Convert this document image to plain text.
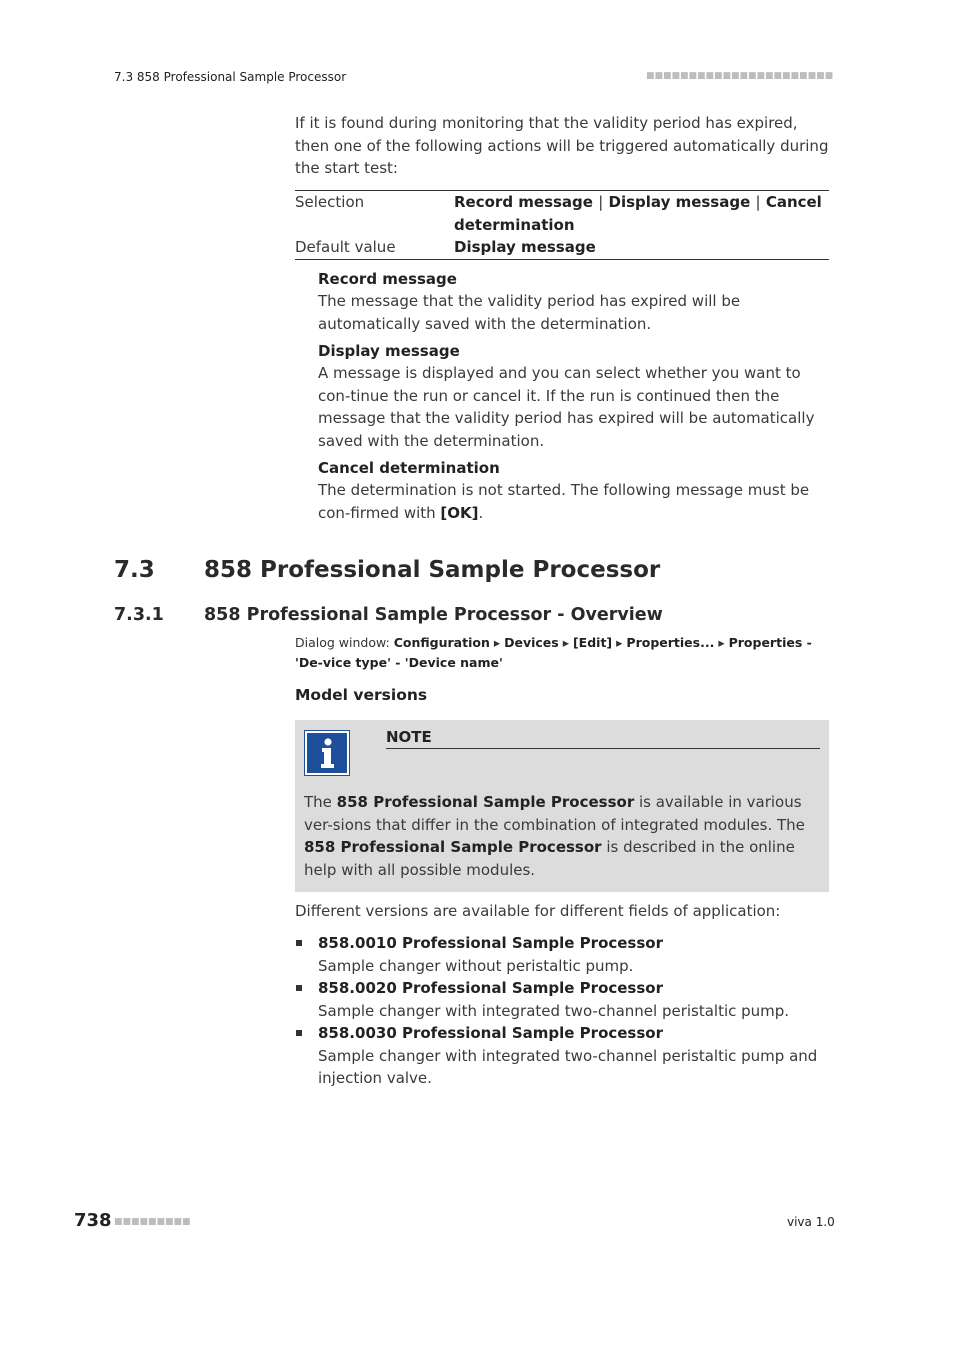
7.3 858 Professional Sample Processor	■■■■■■■■■■■■■■■■■■■■■■
If it is found during monitoring that the validity period has expired, then one of the following actions will be triggered automatically during the start test:
Selection	Record message | Display message | Cancel determination
Default value	Display message
Record message
The message that the validity period has expired will be automatically saved with the determination.
Display message
A message is displayed and you can select whether you want to con-tinue the run or cancel it. If the run is continued then the message that the validity period has expired will be automatically saved with the determination.
Cancel determination
The determination is not started. The following message must be con-firmed with [OK].
7.3 858 Professional Sample Processor
7.3.1 858 Professional Sample Processor - Overview
Dialog window: Configuration ▸ Devices ▸ [Edit] ▸ Properties... ▸ Properties - 'De-vice type' - 'Device name'
Model versions
NOTE
The 858 Professional Sample Processor is available in various ver-sions that differ in the combination of integrated modules. The 858 Professional Sample Processor is described in the online help with all possible modules.
Different versions are available for different fields of application:
858.0010 Professional Sample Processor
Sample changer without peristaltic pump.
858.0020 Professional Sample Processor
Sample changer with integrated two-channel peristaltic pump.
858.0030 Professional Sample Processor
Sample changer with integrated two-channel peristaltic pump and injection valve.
738 ■■■■■■■■■	viva 1.0
